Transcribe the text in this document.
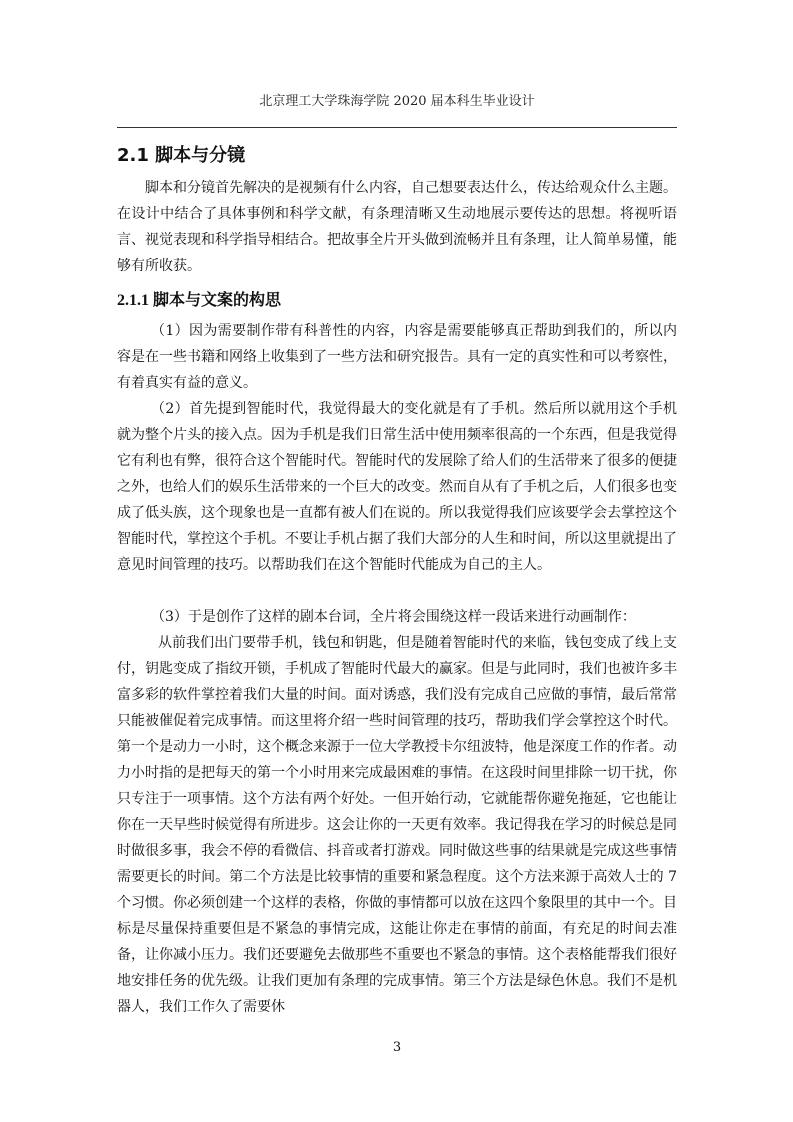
北京理工大学珠海学院 2020 届本科生毕业设计
2.1 脚本与分镜
脚本和分镜首先解决的是视频有什么内容，自己想要表达什么，传达给观众什么主题。在设计中结合了具体事例和科学文献，有条理清晰又生动地展示要传达的思想。将视听语言、视觉表现和科学指导相结合。把故事全片开头做到流畅并且有条理，让人简单易懂，能够有所收获。
2.1.1 脚本与文案的构思
（1）因为需要制作带有科普性的内容，内容是需要能够真正帮助到我们的，所以内容是在一些书籍和网络上收集到了一些方法和研究报告。具有一定的真实性和可以考察性，有着真实有益的意义。
（2）首先提到智能时代，我觉得最大的变化就是有了手机。然后所以就用这个手机就为整个片头的接入点。因为手机是我们日常生活中使用频率很高的一个东西，但是我觉得它有利也有弊，很符合这个智能时代。智能时代的发展除了给人们的生活带来了很多的便捷之外，也给人们的娱乐生活带来的一个巨大的改变。然而自从有了手机之后，人们很多也变成了低头族，这个现象也是一直都有被人们在说的。所以我觉得我们应该要学会去掌控这个智能时代，掌控这个手机。不要让手机占据了我们大部分的人生和时间，所以这里就提出了意见时间管理的技巧。以帮助我们在这个智能时代能成为自己的主人。
（3）于是创作了这样的剧本台词，全片将会围绕这样一段话来进行动画制作：
从前我们出门要带手机，钱包和钥匙，但是随着智能时代的来临，钱包变成了线上支付，钥匙变成了指纹开锁，手机成了智能时代最大的赢家。但是与此同时，我们也被许多丰富多彩的软件掌控着我们大量的时间。面对诱惑，我们没有完成自己应做的事情，最后常常只能被催促着完成事情。而这里将介绍一些时间管理的技巧，帮助我们学会掌控这个时代。第一个是动力一小时，这个概念来源于一位大学教授卡尔纽波特，他是深度工作的作者。动力小时指的是把每天的第一个小时用来完成最困难的事情。在这段时间里排除一切干扰，你只专注于一项事情。这个方法有两个好处。一但开始行动，它就能帮你避免拖延，它也能让你在一天早些时候觉得有所进步。这会让你的一天更有效率。我记得我在学习的时候总是同时做很多事，我会不停的看微信、抖音或者打游戏。同时做这些事的结果就是完成这些事情需要更长的时间。第二个方法是比较事情的重要和紧急程度。这个方法来源于高效人士的 7 个习惯。你必须创建一个这样的表格，你做的事情都可以放在这四个象限里的其中一个。目标是尽量保持重要但是不紧急的事情完成，这能让你走在事情的前面，有充足的时间去准备，让你减小压力。我们还要避免去做那些不重要也不紧急的事情。这个表格能帮我们很好地安排任务的优先级。让我们更加有条理的完成事情。第三个方法是绿色休息。我们不是机器人，我们工作久了需要休
3
